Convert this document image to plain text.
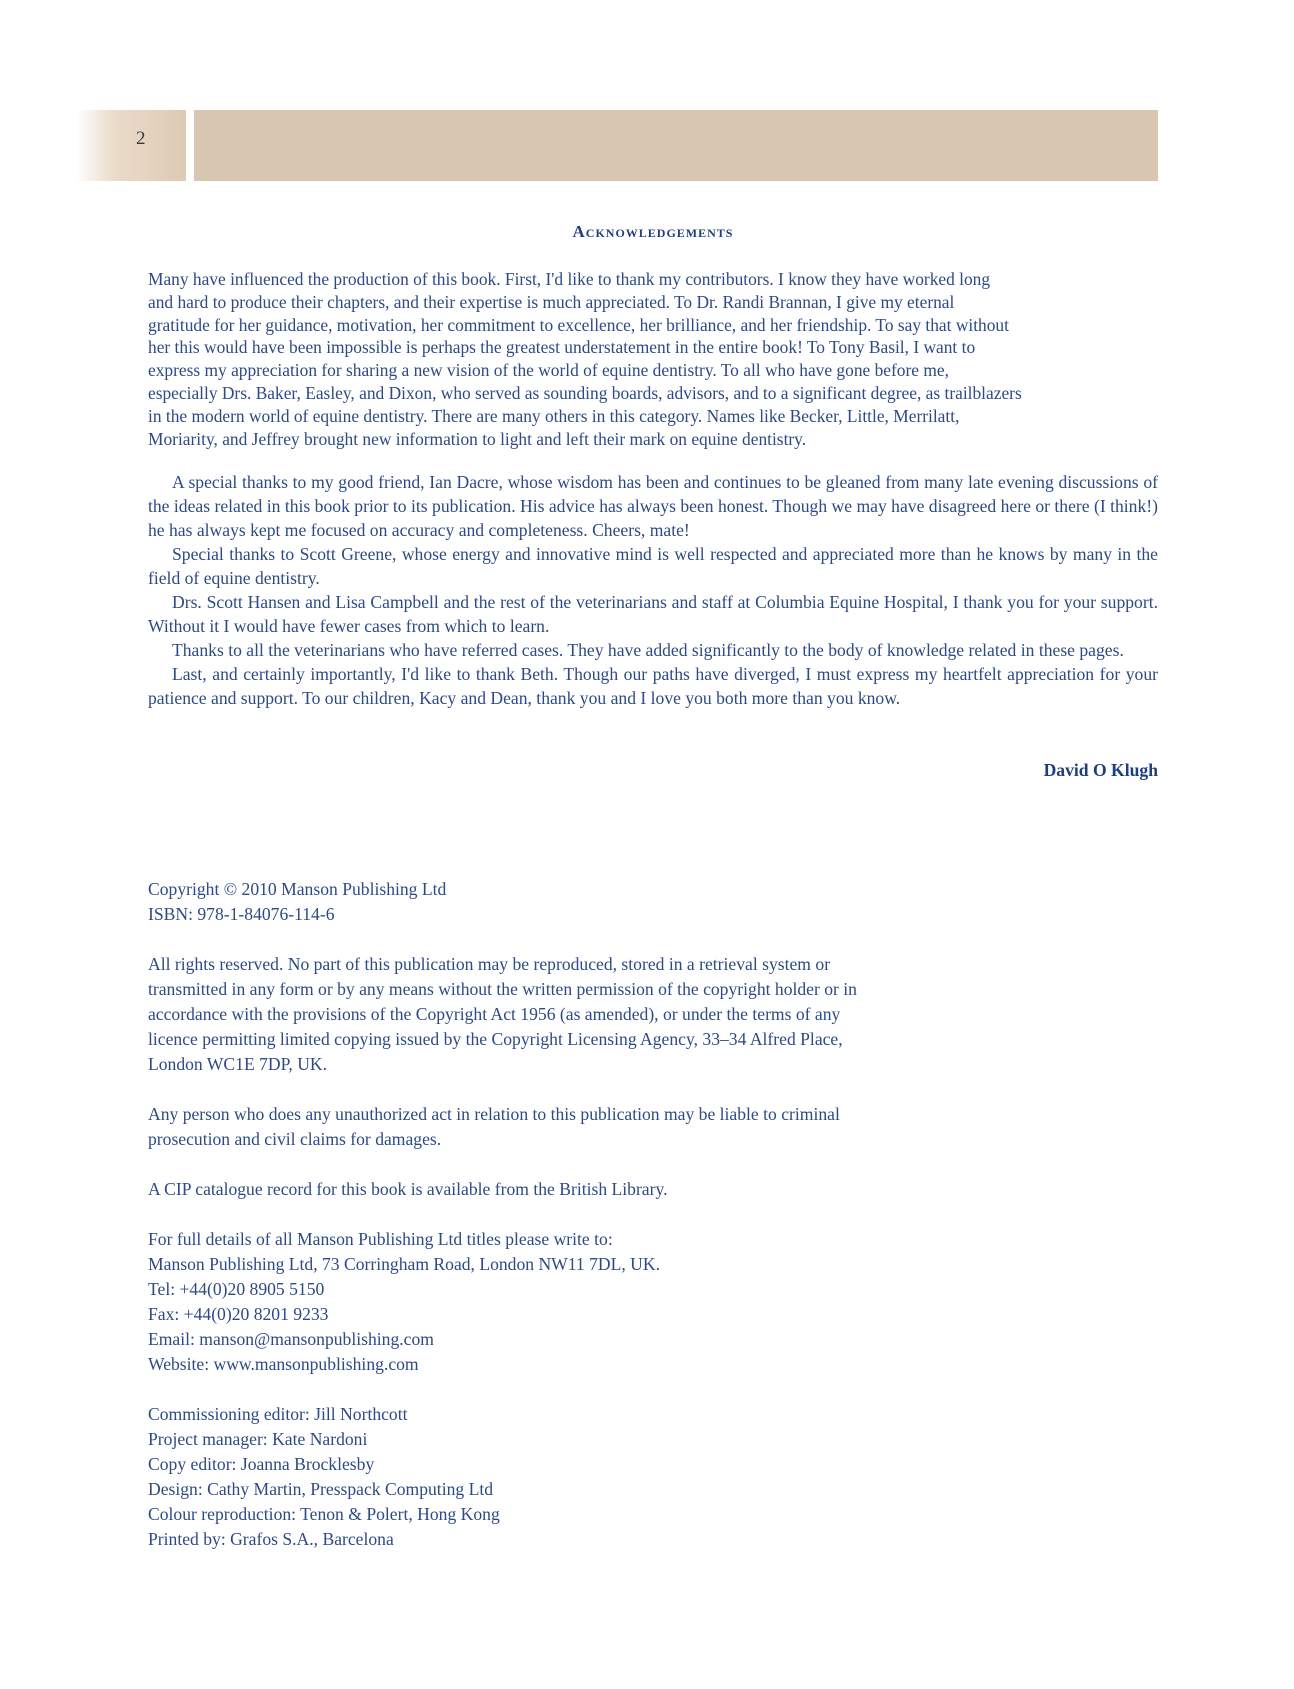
2
Acknowledgements
Many have influenced the production of this book. First, I'd like to thank my contributors. I know they have worked long
and hard to produce their chapters, and their expertise is much appreciated. To Dr. Randi Brannan, I give my eternal
gratitude for her guidance, motivation, her commitment to excellence, her brilliance, and her friendship. To say that without
her this would have been impossible is perhaps the greatest understatement in the entire book! To Tony Basil, I want to
express my appreciation for sharing a new vision of the world of equine dentistry. To all who have gone before me,
especially Drs. Baker, Easley, and Dixon, who served as sounding boards, advisors, and to a significant degree, as trailblazers
in the modern world of equine dentistry. There are many others in this category. Names like Becker, Little, Merrilatt,
Moriarity, and Jeffrey brought new information to light and left their mark on equine dentistry.

A special thanks to my good friend, Ian Dacre, whose wisdom has been and continues to be gleaned from many late evening discussions of the ideas related in this book prior to its publication. His advice has always been honest. Though we may have disagreed here or there (I think!) he has always kept me focused on accuracy and completeness. Cheers, mate!

Special thanks to Scott Greene, whose energy and innovative mind is well respected and appreciated more than he knows by many in the field of equine dentistry.

Drs. Scott Hansen and Lisa Campbell and the rest of the veterinarians and staff at Columbia Equine Hospital, I thank you for your support. Without it I would have fewer cases from which to learn.

Thanks to all the veterinarians who have referred cases. They have added significantly to the body of knowledge related in these pages.

Last, and certainly importantly, I'd like to thank Beth. Though our paths have diverged, I must express my heartfelt appreciation for your patience and support. To our children, Kacy and Dean, thank you and I love you both more than you know.

David O Klugh
Copyright © 2010 Manson Publishing Ltd
ISBN: 978-1-84076-114-6
All rights reserved. No part of this publication may be reproduced, stored in a retrieval system or
transmitted in any form or by any means without the written permission of the copyright holder or in
accordance with the provisions of the Copyright Act 1956 (as amended), or under the terms of any
licence permitting limited copying issued by the Copyright Licensing Agency, 33–34 Alfred Place,
London WC1E 7DP, UK.
Any person who does any unauthorized act in relation to this publication may be liable to criminal
prosecution and civil claims for damages.
A CIP catalogue record for this book is available from the British Library.
For full details of all Manson Publishing Ltd titles please write to:
Manson Publishing Ltd, 73 Corringham Road, London NW11 7DL, UK.
Tel: +44(0)20 8905 5150
Fax: +44(0)20 8201 9233
Email: manson@mansonpublishing.com
Website: www.mansonpublishing.com
Commissioning editor: Jill Northcott
Project manager: Kate Nardoni
Copy editor: Joanna Brocklesby
Design: Cathy Martin, Presspack Computing Ltd
Colour reproduction: Tenon & Polert, Hong Kong
Printed by: Grafos S.A., Barcelona
